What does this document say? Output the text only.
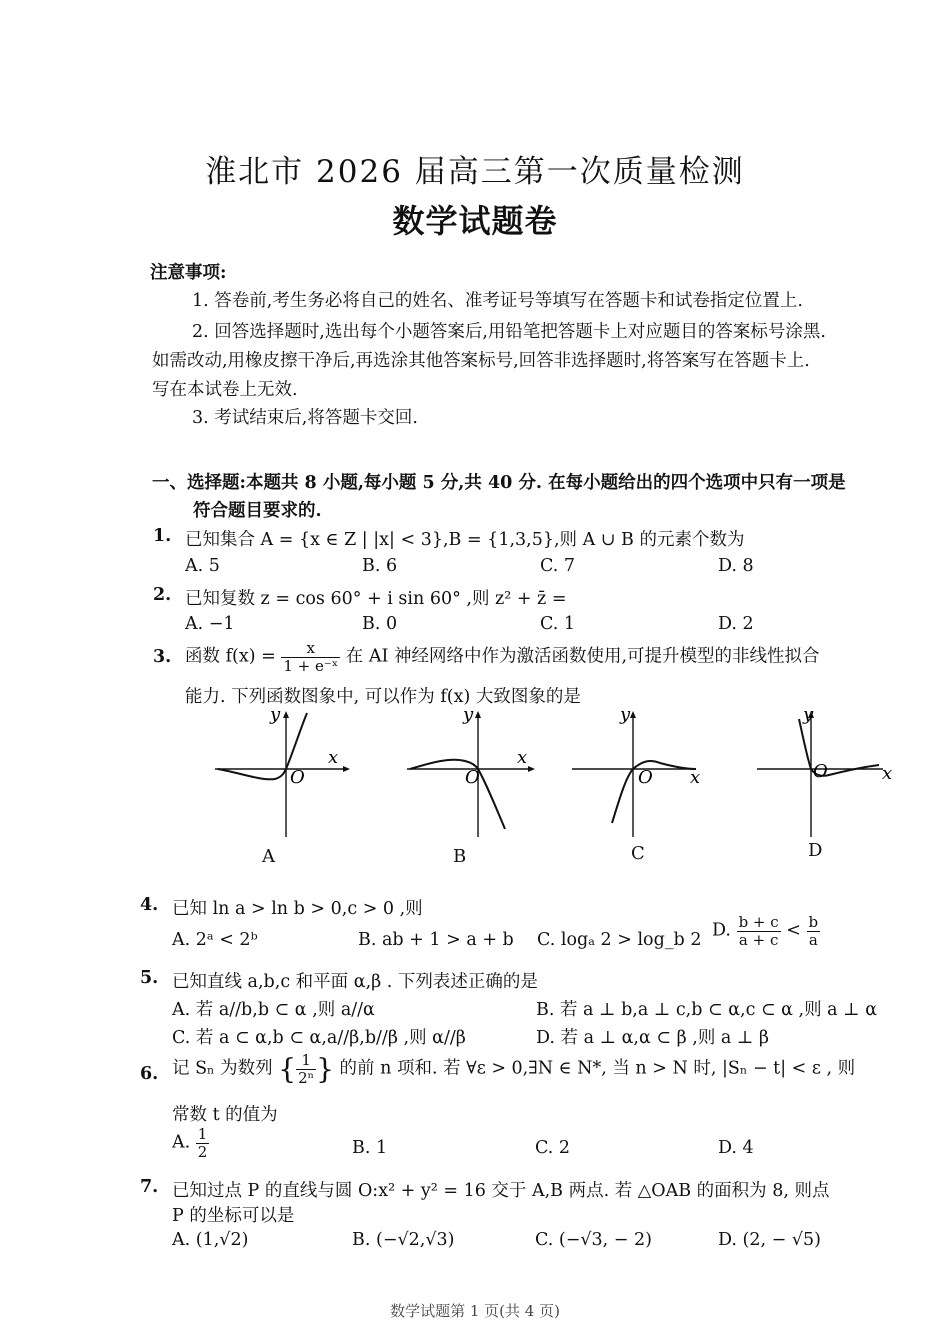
淮北市 2026 届高三第一次质量检测
数学试题卷
注意事项:
1. 答卷前,考生务必将自己的姓名、准考证号等填写在答题卡和试卷指定位置上.
2. 回答选择题时,选出每个小题答案后,用铅笔把答题卡上对应题目的答案标号涂黑.
如需改动,用橡皮擦干净后,再选涂其他答案标号,回答非选择题时,将答案写在答题卡上.
写在本试卷上无效.
3. 考试结束后,将答题卡交回.
一、选择题:本题共 8 小题,每小题 5 分,共 40 分. 在每小题给出的四个选项中只有一项是
符合题目要求的.
1. 已知集合 A = {x ∈ Z | |x| < 3},B = {1,3,5},则 A ∪ B 的元素个数为
A. 5	B. 6	C. 7	D. 8
2. 已知复数 z = cos 60° + i sin 60° ,则 z² + z̄ =
A. −1	B. 0	C. 1	D. 2
3. 函数 $f(x) = \frac{x}{\text{1 + e⁻ˣ}}$ 在 AI 神经网络中作为激活函数使用,可提升模型的非线性拟合
能力. 下列函数图象中, 可以作为 f(x) 大致图象的是
y
x
O
A
y
x
O
B
y
x
O
C
y
x
O
D
4. 已知 ln a > ln b > 0,c > 0 ,则
A. 2ᵃ < 2ᵇ	B. ab + 1 > a + b C. logₐ 2 > log_b 2 D. $\frac{b + c}{a + c} < \frac{b}{a}$
5. 已知直线 a,b,c 和平面 α,β . 下列表述正确的是
A. 若 a//b,b ⊂ α ,则 a//α	B. 若 a ⊥ b,a ⊥ c,b ⊂ α,c ⊂ α ,则 a ⊥ α
C. 若 a ⊂ α,b ⊂ α,a//β,b//β ,则 α//β	D. 若 a ⊥ α,α ⊂ β ,则 a ⊥ β
6. 记 Sₙ 为数列 { $\frac{1}{\text{2ⁿ}}$ } 的前 n 项和. 若 ∀ε > 0,∃N ∈ N*, 当 n > N 时, |Sₙ − t| < ε , 则
常数 t 的值为
A. $\frac{1}{2}$	B. 1	C. 2	D. 4
7. 已知过点 P 的直线与圆 O:x² + y² = 16 交于 A,B 两点. 若 △OAB 的面积为 8, 则点
P 的坐标可以是
A. (1,√2)	B. (−√2,√3)	C. (−√3, − 2)	D. (2, − √5)
数学试题第 1 页(共 4 页)
